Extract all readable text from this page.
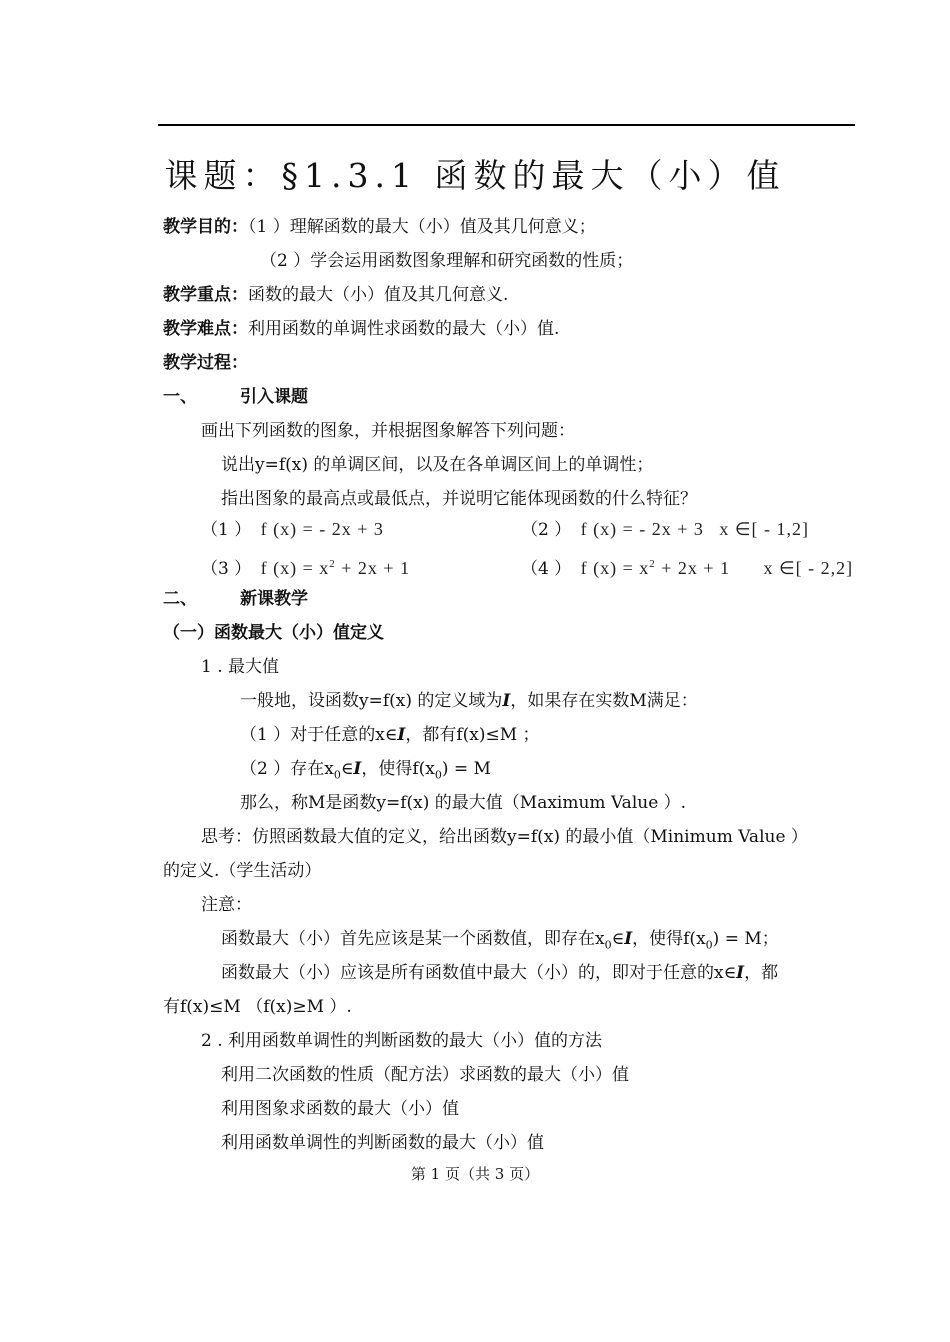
课题：§1.3.1 函数的最大（小）值
教学目的：（1 ）理解函数的最大（小）值及其几何意义；
（2 ）学会运用函数图象理解和研究函数的性质；
教学重点：函数的最大（小）值及其几何意义.
教学难点：利用函数的单调性求函数的最大（小）值.
教学过程：
一、	引入课题
画出下列函数的图象，并根据图象解答下列问题：
说出y=f(x) 的单调区间，以及在各单调区间上的单调性；
指出图象的最高点或最低点，并说明它能体现函数的什么特征？
（1 ） f (x) = - 2x + 3	（2 ） f (x) = - 2x + 3 x ∈[ - 1,2]
（3 ） f $(x) = x^2 + 2x + 1$	（4 ） f $(x) = x^2 + 2x + 1$ x ∈[ - 2,2]
二、	新课教学
（一）函数最大（小）值定义
1 . 最大值
一般地，设函数y=f(x) 的定义域为I，如果存在实数M满足：
（1 ）对于任意的x∈I，都有f(x)≤M ；
（2 ）存在$x_0\in I$，使得$f(x_0) = M$
那么，称M是函数y=f(x) 的最大值（Maximum Value ）.
思考：仿照函数最大值的定义，给出函数y=f(x) 的最小值（Minimum Value ）
的定义.（学生活动）
注意：
函数最大（小）首先应该是某一个函数值，即存在$x_0\in I$，使得$f(x_0) = M$；
函数最大（小）应该是所有函数值中最大（小）的，即对于任意的x∈I，都
有f(x)≤M （f(x)≥M ）.
2 . 利用函数单调性的判断函数的最大（小）值的方法
利用二次函数的性质（配方法）求函数的最大（小）值
利用图象求函数的最大（小）值
利用函数单调性的判断函数的最大（小）值
第 1 页（共 3 页）
